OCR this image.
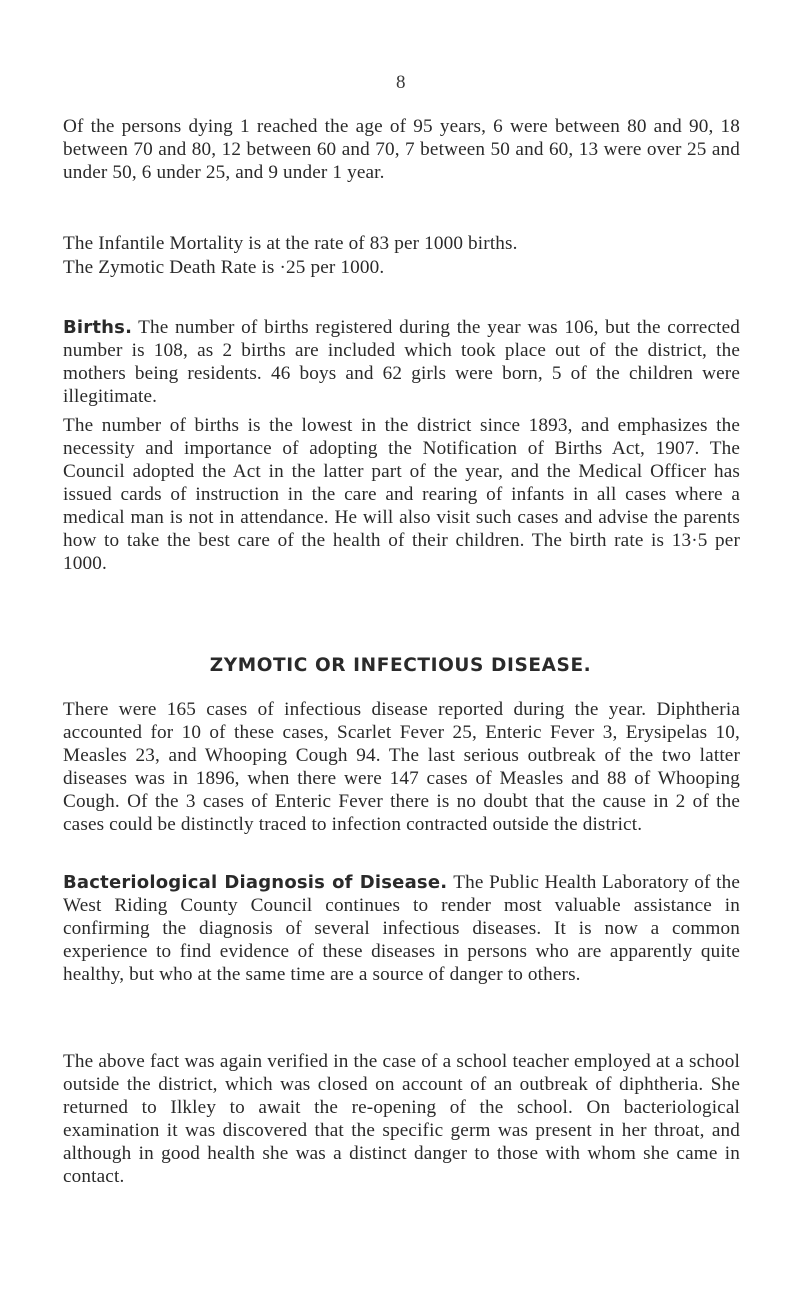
8

Of the persons dying 1 reached the age of 95 years, 6 were between 80 and 90, 18 between 70 and 80, 12 between 60 and 70, 7 between 50 and 60, 13 were over 25 and under 50, 6 under 25, and 9 under 1 year.

The Infantile Mortality is at the rate of 83 per 1000 births.

The Zymotic Death Rate is ·25 per 1000.

Births. The number of births registered during the year was 106, but the corrected number is 108, as 2 births are included which took place out of the district, the mothers being residents. 46 boys and 62 girls were born, 5 of the children were illegitimate.

The number of births is the lowest in the district since 1893, and emphasizes the necessity and importance of adopting the Notification of Births Act, 1907. The Council adopted the Act in the latter part of the year, and the Medical Officer has issued cards of instruction in the care and rearing of infants in all cases where a medical man is not in attendance. He will also visit such cases and advise the parents how to take the best care of the health of their children. The birth rate is 13·5 per 1000.

ZYMOTIC OR INFECTIOUS DISEASE.

There were 165 cases of infectious disease reported during the year. Diphtheria accounted for 10 of these cases, Scarlet Fever 25, Enteric Fever 3, Erysipelas 10, Measles 23, and Whooping Cough 94. The last serious outbreak of the two latter diseases was in 1896, when there were 147 cases of Measles and 88 of Whooping Cough. Of the 3 cases of Enteric Fever there is no doubt that the cause in 2 of the cases could be distinctly traced to infection contracted outside the district.

Bacteriological Diagnosis of Disease. The Public Health Laboratory of the West Riding County Council continues to render most valuable assistance in confirming the diagnosis of several infectious diseases. It is now a common experience to find evidence of these diseases in persons who are apparently quite healthy, but who at the same time are a source of danger to others.

The above fact was again verified in the case of a school teacher employed at a school outside the district, which was closed on account of an outbreak of diphtheria. She returned to Ilkley to await the re-opening of the school. On bacteriological examination it was discovered that the specific germ was present in her throat, and although in good health she was a distinct danger to those with whom she came in contact.
